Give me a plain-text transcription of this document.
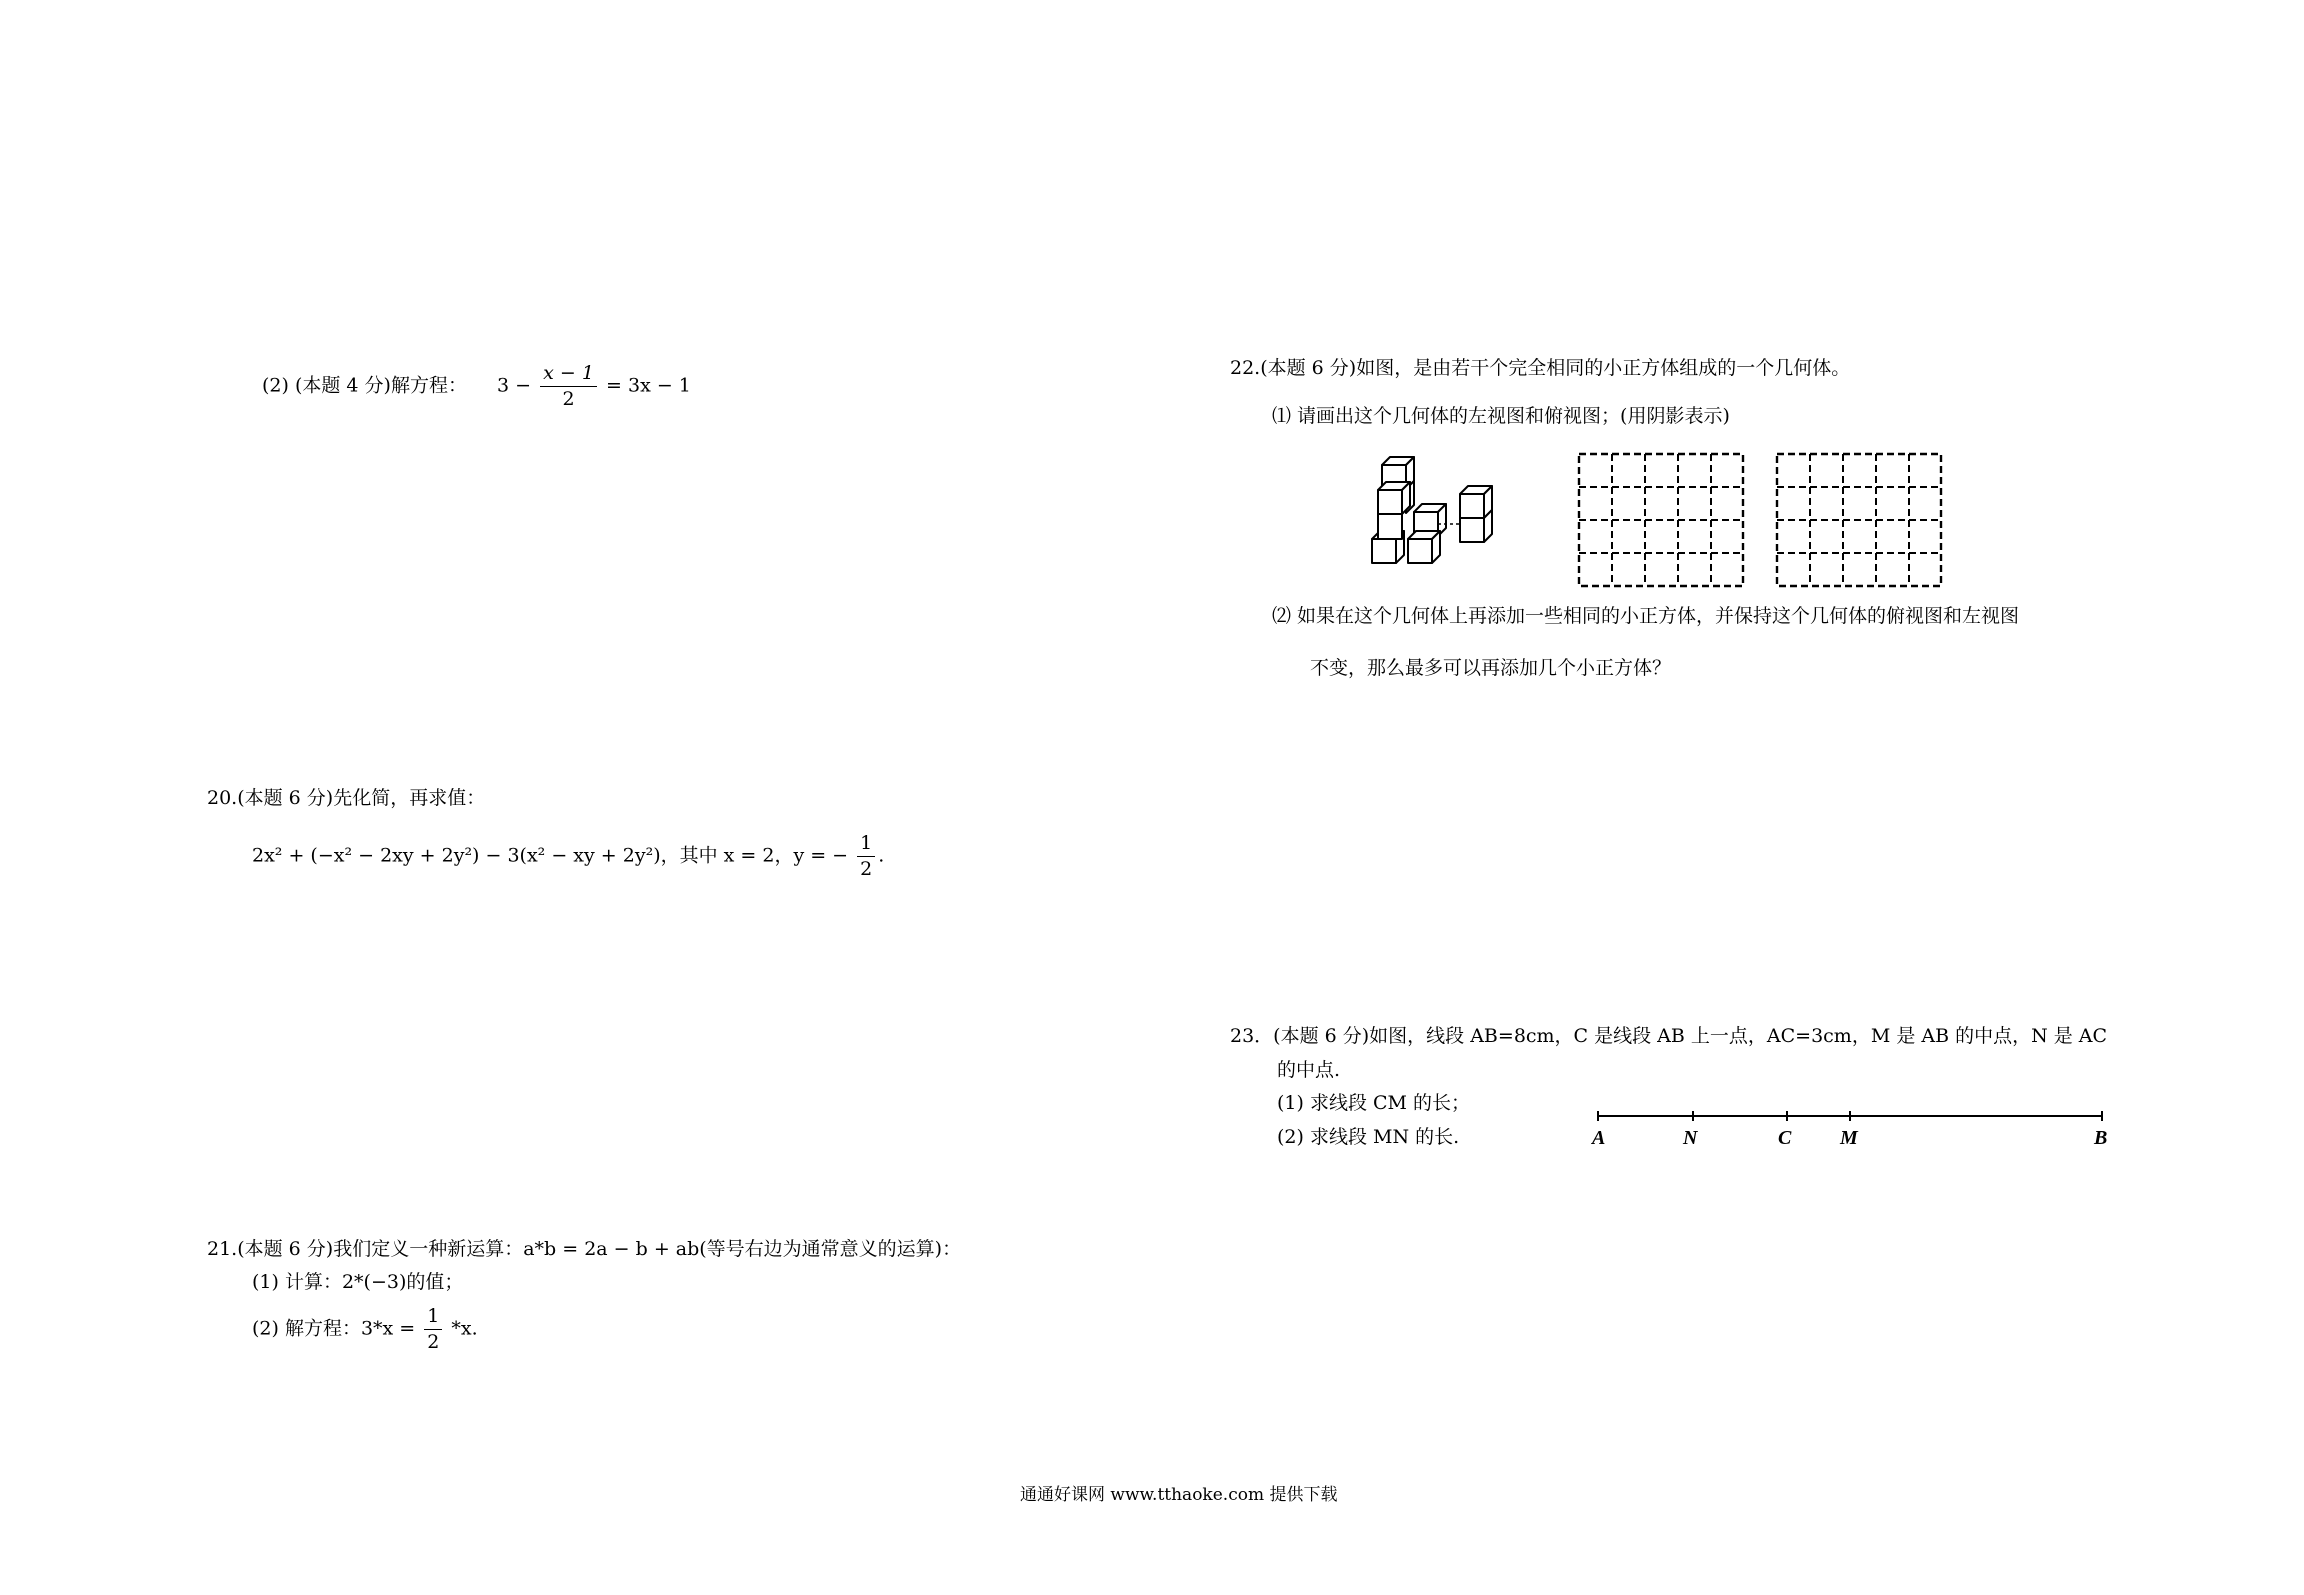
(2) (本题 4 分)解方程： $3 - \frac{x - 1}{2} = 3x - 1$
20.(本题 6 分)先化简，再求值：
2x² + (−x² − 2xy + 2y²) − 3(x² − xy + 2y²)，其中 x = 2，y = − $\frac{1}{2}$ .
21.(本题 6 分)我们定义一种新运算：a*b = 2a − b + ab(等号右边为通常意义的运算)：
(1) 计算：2*(−3)的值；
(2) 解方程：$3*x = \frac{1}{2} *x$.
22.(本题 6 分)如图，是由若干个完全相同的小正方体组成的一个几何体。
⑴ 请画出这个几何体的左视图和俯视图；(用阴影表示)
⑵ 如果在这个几何体上再添加一些相同的小正方体，并保持这个几何体的俯视图和左视图
不变，那么最多可以再添加几个小正方体？
23．(本题 6 分)如图，线段 AB=8cm，C 是线段 AB 上一点，AC=3cm，M 是 AB 的中点，N 是 AC
的中点.
(1) 求线段 CM 的长；
(2) 求线段 MN 的长.	A	N	C M	B
通通好课网 www.tthaoke.com 提供下载
